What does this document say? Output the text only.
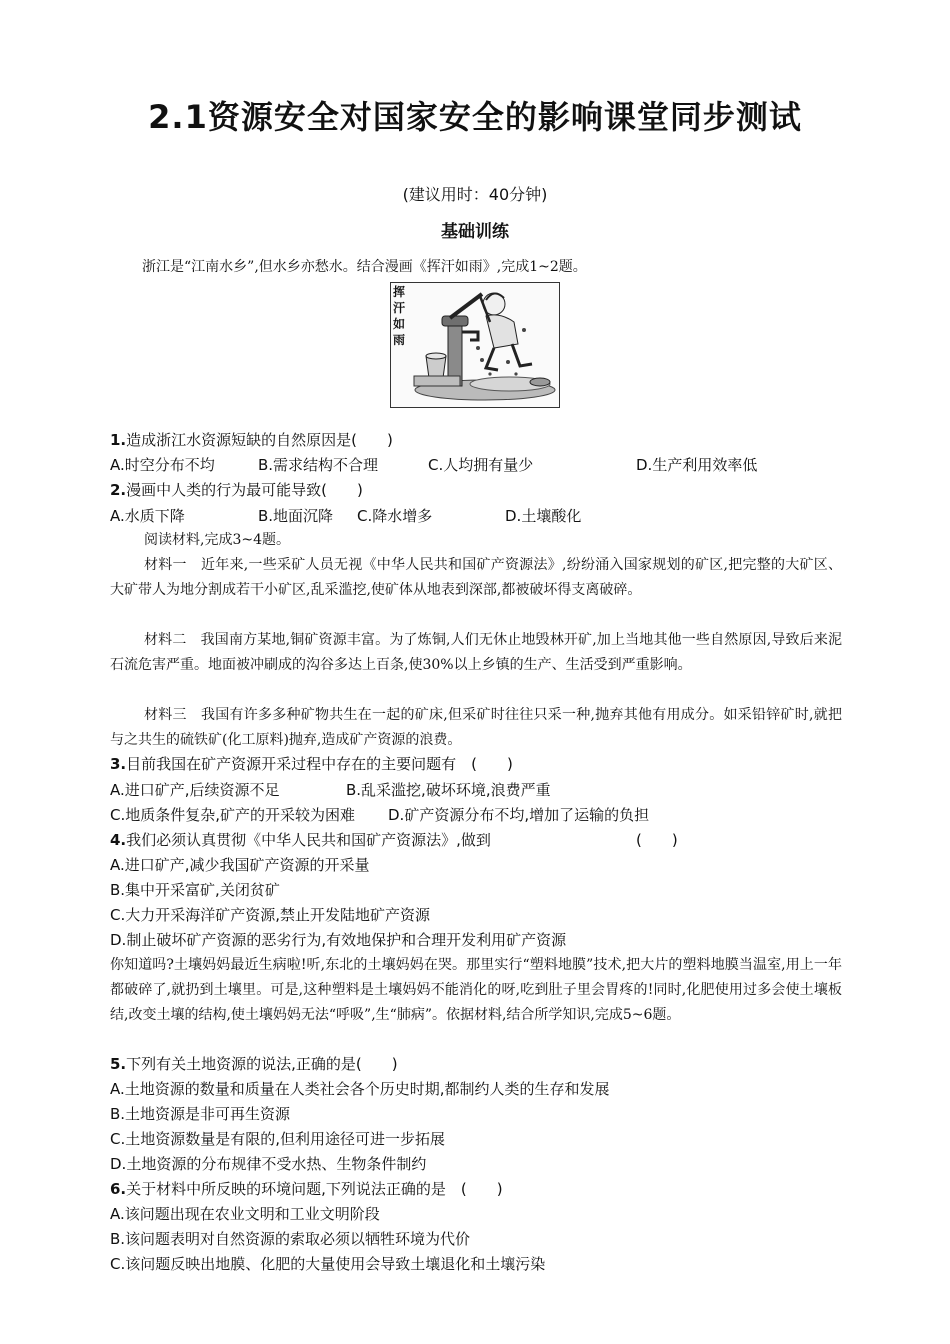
2.1资源安全对国家安全的影响课堂同步测试
(建议用时：40分钟)
基础训练
浙江是“江南水乡”,但水乡亦愁水。结合漫画《挥汗如雨》,完成1~2题。
挥
汗
如
雨
1.造成浙江水资源短缺的自然原因是(　　)
A.时空分布不均	B.需求结构不合理	C.人均拥有量少	D.生产利用效率低
2.漫画中人类的行为最可能导致(　　)
A.水质下降	B.地面沉降 C.降水增多	D.土壤酸化
阅读材料,完成3~4题。
材料一　近年来,一些采矿人员无视《中华人民共和国矿产资源法》,纷纷涌入国家规划的矿区,把完整的大矿区、大矿带人为地分割成若干小矿区,乱采滥挖,使矿体从地表到深部,都被破坏得支离破碎。
材料二　我国南方某地,铜矿资源丰富。为了炼铜,人们无休止地毁林开矿,加上当地其他一些自然原因,导致后来泥石流危害严重。地面被冲刷成的沟谷多达上百条,使30%以上乡镇的生产、生活受到严重影响。
材料三　我国有许多多种矿物共生在一起的矿床,但采矿时往往只采一种,抛弃其他有用成分。如采铅锌矿时,就把与之共生的硫铁矿(化工原料)抛弃,造成矿产资源的浪费。
3.目前我国在矿产资源开采过程中存在的主要问题有　(　　)
A.进口矿产,后续资源不足	B.乱采滥挖,破坏环境,浪费严重
C.地质条件复杂,矿产的开采较为困难 D.矿产资源分布不均,增加了运输的负担
4.我们必须认真贯彻《中华人民共和国矿产资源法》,做到	(　　)
A.进口矿产,减少我国矿产资源的开采量
B.集中开采富矿,关闭贫矿
C.大力开采海洋矿产资源,禁止开发陆地矿产资源
D.制止破坏矿产资源的恶劣行为,有效地保护和合理开发利用矿产资源
你知道吗?土壤妈妈最近生病啦!听,东北的土壤妈妈在哭。那里实行“塑料地膜”技术,把大片的塑料地膜当温室,用上一年都破碎了,就扔到土壤里。可是,这种塑料是土壤妈妈不能消化的呀,吃到肚子里会胃疼的!同时,化肥使用过多会使土壤板结,改变土壤的结构,使土壤妈妈无法“呼吸”,生“肺病”。依据材料,结合所学知识,完成5~6题。
5.下列有关土地资源的说法,正确的是(　　)
A.土地资源的数量和质量在人类社会各个历史时期,都制约人类的生存和发展
B.土地资源是非可再生资源
C.土地资源数量是有限的,但利用途径可进一步拓展
D.土地资源的分布规律不受水热、生物条件制约
6.关于材料中所反映的环境问题,下列说法正确的是　(　　)
A.该问题出现在农业文明和工业文明阶段
B.该问题表明对自然资源的索取必须以牺牲环境为代价
C.该问题反映出地膜、化肥的大量使用会导致土壤退化和土壤污染
